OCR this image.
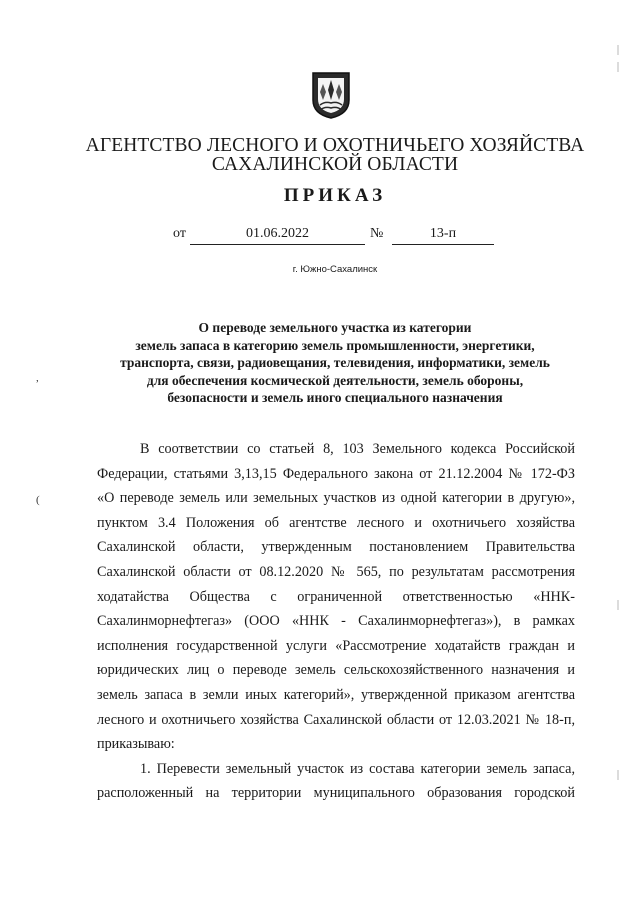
АГЕНТСТВО ЛЕСНОГО И ОХОТНИЧЬЕГО ХОЗЯЙСТВА
САХАЛИНСКОЙ ОБЛАСТИ
ПРИКАЗ
от	01.06.2022	№	13-п
г. Южно-Сахалинск
О переводе земельного участка из категории
земель запаса в категорию земель промышленности, энергетики,
транспорта, связи, радиовещания, телевидения, информатики, земель
для обеспечения космической деятельности, земель обороны,
безопасности и земель иного специального назначения
В соответствии со статьей 8, 103 Земельного кодекса Российской
Федерации, статьями 3,13,15 Федерального закона от 21.12.2004 № 172-ФЗ
«О переводе земель или земельных участков из одной категории в другую»,
пунктом 3.4 Положения об агентстве лесного и охотничьего хозяйства
Сахалинской области, утвержденным постановлением Правительства
Сахалинской области от 08.12.2020 № 565, по результатам рассмотрения
ходатайства Общества с ограниченной ответственностью «ННК-
Сахалинморнефтегаз» (ООО «ННК - Сахалинморнефтегаз»), в рамках
исполнения государственной услуги «Рассмотрение ходатайств граждан и
юридических лиц о переводе земель сельскохозяйственного назначения и
земель запаса в земли иных категорий», утвержденной приказом агентства
лесного и охотничьего хозяйства Сахалинской области от 12.03.2021 № 18-п,
приказываю:
1. Перевести земельный участок из состава категории земель запаса,
расположенный на территории муниципального образования городской
,
(
